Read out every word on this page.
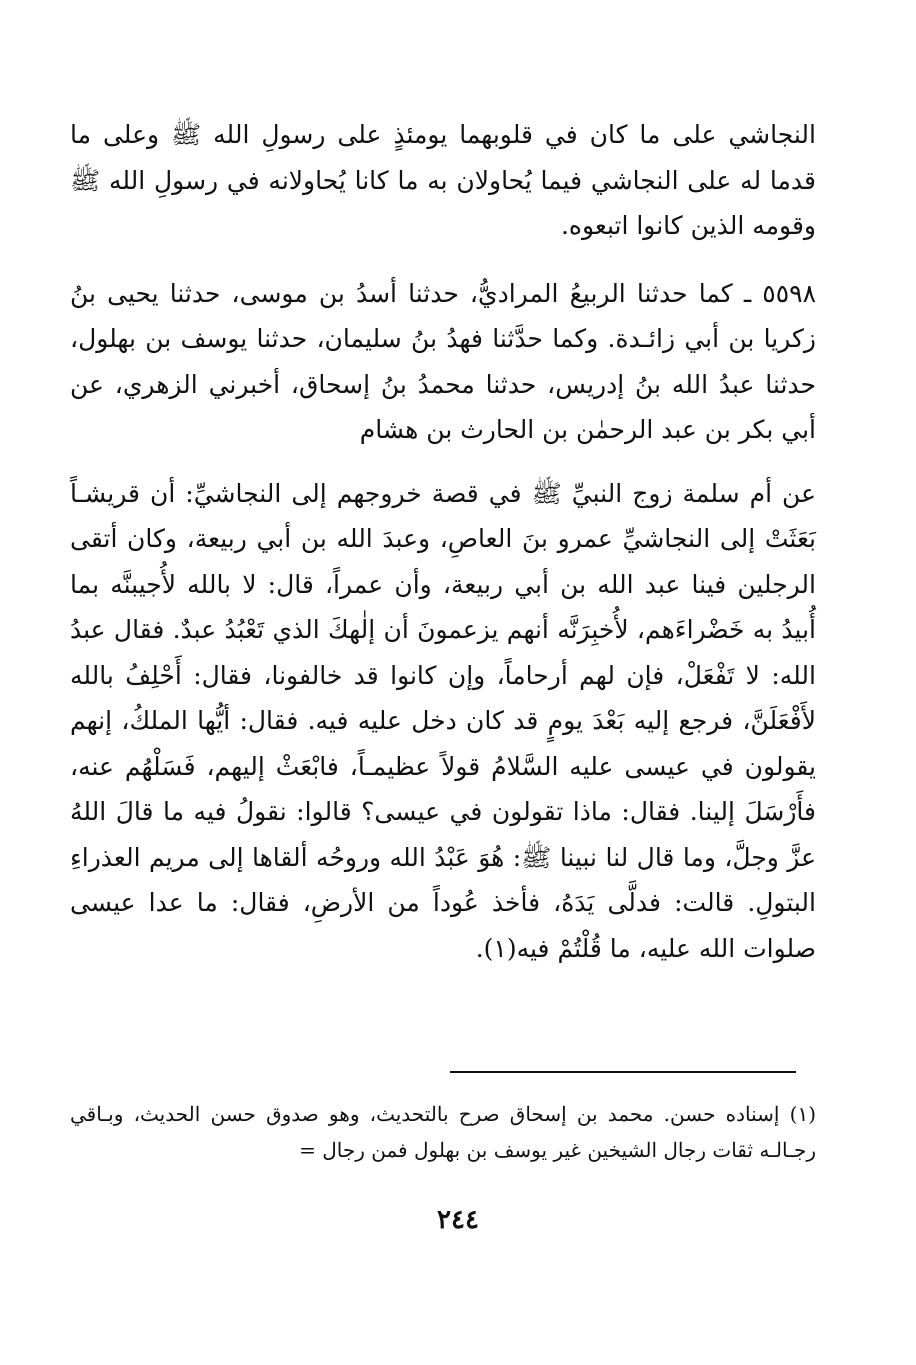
النجاشي على ما كان في قلوبهما يومئذٍ على رسولِ الله ﷺ وعلى ما قدما له على النجاشي فيما يُحاولان به ما كانا يُحاولانه في رسولِ الله ﷺ وقومه الذين كانوا اتبعوه.

٥٥٩٨ ـ كما حدثنا الربيعُ المراديُّ، حدثنا أسدُ بن موسى، حدثنا يحيى بنُ زكريا بن أبي زائـدة. وكما حدَّثنا فهدُ بنُ سليمان، حدثنا يوسف بن بهلول، حدثنا عبدُ الله بنُ إدريس، حدثنا محمدُ بنُ إسحاق، أخبرني الزهري، عن أبي بكر بن عبد الرحمٰن بن الحارث بن هشام

عن أم سلمة زوج النبيِّ ﷺ في قصة خروجهم إلى النجاشيِّ: أن قريشـاً بَعَثَتْ إلى النجاشيِّ عمرو بنَ العاصِ، وعبدَ الله بن أبي ربيعة، وكان أتقى الرجلين فينا عبد الله بن أبي ربيعة، وأن عمراً، قال: لا بالله لأُجيبنَّه بما أُبيدُ به خَضْراءَهم، لأُخبِرَنَّه أنهم يزعمونَ أن إلٰهكَ الذي تَعْبُدُ عبدٌ. فقال عبدُ الله: لا تَفْعَلْ، فإن لهم أرحاماً، وإن كانوا قد خالفونا، فقال: أَحْلِفُ بالله لأَفْعَلَنَّ، فرجع إليه بَعْدَ يومٍ قد كان دخل عليه فيه. فقال: أيُّها الملكُ، إنهم يقولون في عيسى عليه السَّلامُ قولاً عظيمـاً، فابْعَثْ إليهم، فَسَلْهُم عنه، فأَرْسَلَ إلينا. فقال: ماذا تقولون في عيسى؟ قالوا: نقولُ فيه ما قالَ اللهُ عزَّ وجلَّ، وما قال لنا نبينا ﷺ: هُوَ عَبْدُ الله وروحُه ألقاها إلى مريم العذراءِ البتولِ. قالت: فدلَّى يَدَهُ، فأخذ عُوداً من الأرضِ، فقال: ما عدا عيسى صلوات الله عليه، ما قُلْتُمْ فيه(١).

(١) إسناده حسن. محمد بن إسحاق صرح بالتحديث، وهو صدوق حسن الحديث، وبـاقي رجـالـه ثقات رجال الشيخين غير يوسف بن بهلول فمن رجال =

٢٤٤
